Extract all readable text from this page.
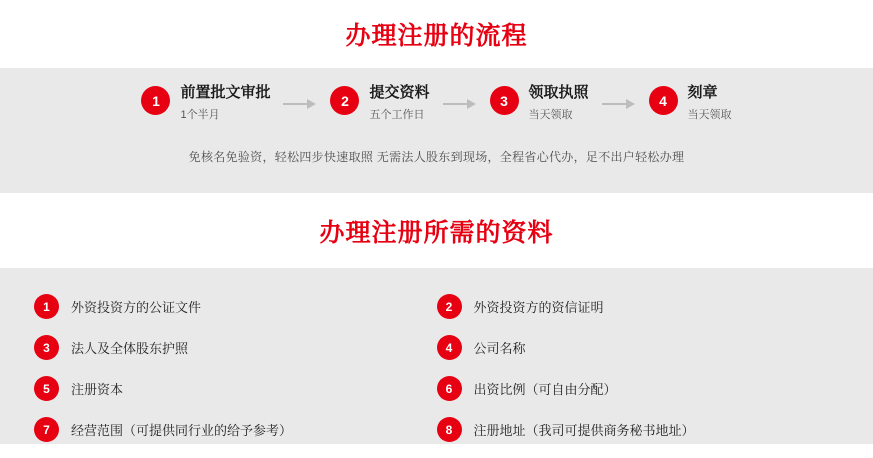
办理注册的流程
1	前置批文审批
1个半月
2	提交资料
五个工作日
3	领取执照
当天领取
4	刻章
当天领取
免核名免验资，轻松四步快速取照 无需法人股东到现场，全程省心代办，足不出户轻松办理
办理注册所需的资料
1	外资投资方的公证文件	2	外资投资方的资信证明
3	法人及全体股东护照	4	公司名称
5	注册资本	6	出资比例（可自由分配）
7	经营范围（可提供同行业的给予参考）	8	注册地址（我司可提供商务秘书地址）
